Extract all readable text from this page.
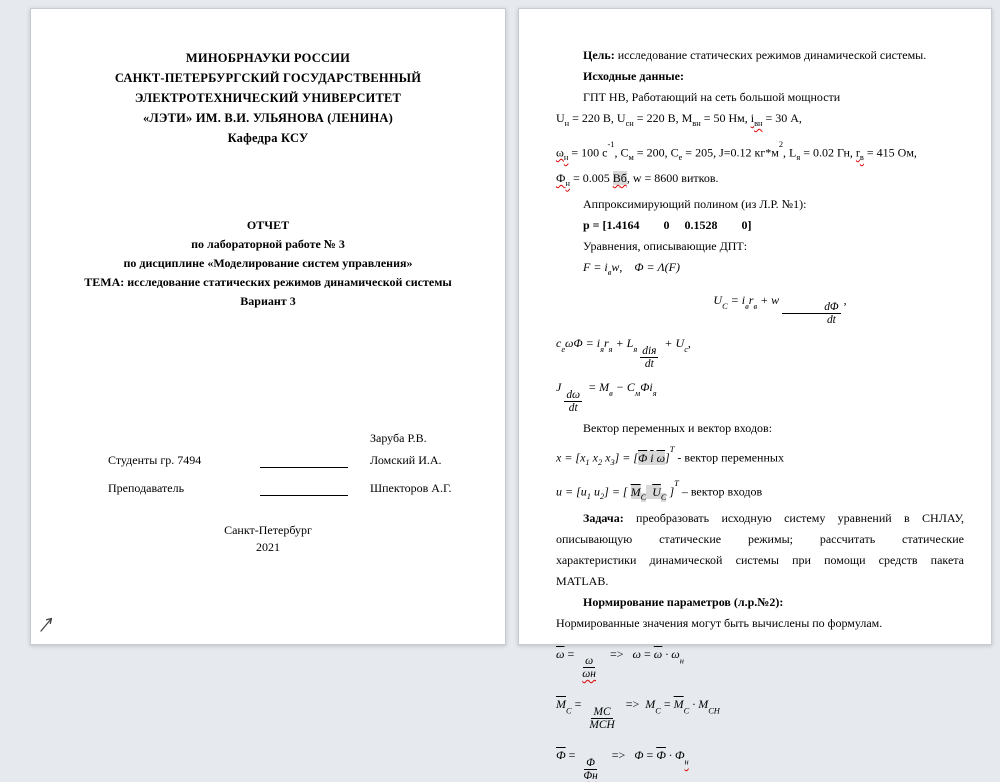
МИНОБРНАУКИ РОССИИ
САНКТ-ПЕТЕРБУРГСКИЙ ГОСУДАРСТВЕННЫЙ
ЭЛЕКТРОТЕХНИЧЕСКИЙ УНИВЕРСИТЕТ
«ЛЭТИ» ИМ. В.И. УЛЬЯНОВА (ЛЕНИНА)
Кафедра КСУ
ОТЧЕТ
по лабораторной работе № 3
по дисциплине «Моделирование систем управления»
ТЕМА: исследование статических режимов динамической системы
Вариант 3
Заруба Р.В.
Студенты гр. 7494	Ломский И.А.
Преподаватель	Шпекторов А.Г.
Санкт-Петербург
2021
Цель: исследование статических режимов динамической системы.
Исходные данные:
ГПТ НВ, Работающий на сеть большой мощности
$U_н = 220$ В, $U_{сн} = 220$ В, $М_{вн} = 50$ Нм, $i_{вн} = 30$ А,
$\omega_н = 100$ $с^{-1}$, $С_м = 200$, $С_е = 205$, J=0.12 $кг*м^2$, $L_я = 0.02$ Гн, $r_в = 415$ Ом,
$Ф_н = 0.005$ Вб, w = 8600 витков.
Аппроксимирующий полином (из Л.Р. №1):
p = [1.4164        0     0.1528        0]
Уравнения, описывающие ДПТ:
$F = i_вw$,    Φ = Λ(F)
$U_C = i_вr_в + w$
$\frac{d\Phi}{dt}$
,
$c_е\omega\Phi = i_яr_я + L_я \frac{\text{diя}}{dt}$
+ $U_c$,
J
$\frac{d\omega}{dt}$
= $М_в - С_м\Phi i_я$
Вектор переменных и вектор входов:
$x = [x_1$ $x_2$ $x_3] = [\overline{\Phi}$ $\overline{i}$ $\overline{\omega}]^T$ - вектор переменных
$u = [u_1$ $u_2$] = [ $М_С$ $\overline{U}_C$ ]$^T$ – вектор входов
Задача: преобразовать исходную систему уравнений в СНЛАУ,
описывающую статические режимы; рассчитать статические
характеристики динамической системы при помощи средств пакета
MATLAB.
Нормирование параметров (л.р.№2):
Нормированные значения могут быть вычислены по формулам.
$\overline{\omega}$ =
$\frac{\omega}{\omega н}$
=>   $\omega = \overline{\omega} \cdot \omega_н$
$М_С$ =
$\frac{МС}{\text{МСН}}$
=>  $М_С = М_С \cdot М_{СН}$
Ф =
$\frac{\Phi}{\Phi н}$
=>   $\Phi = Ф \cdot Ф_н$
